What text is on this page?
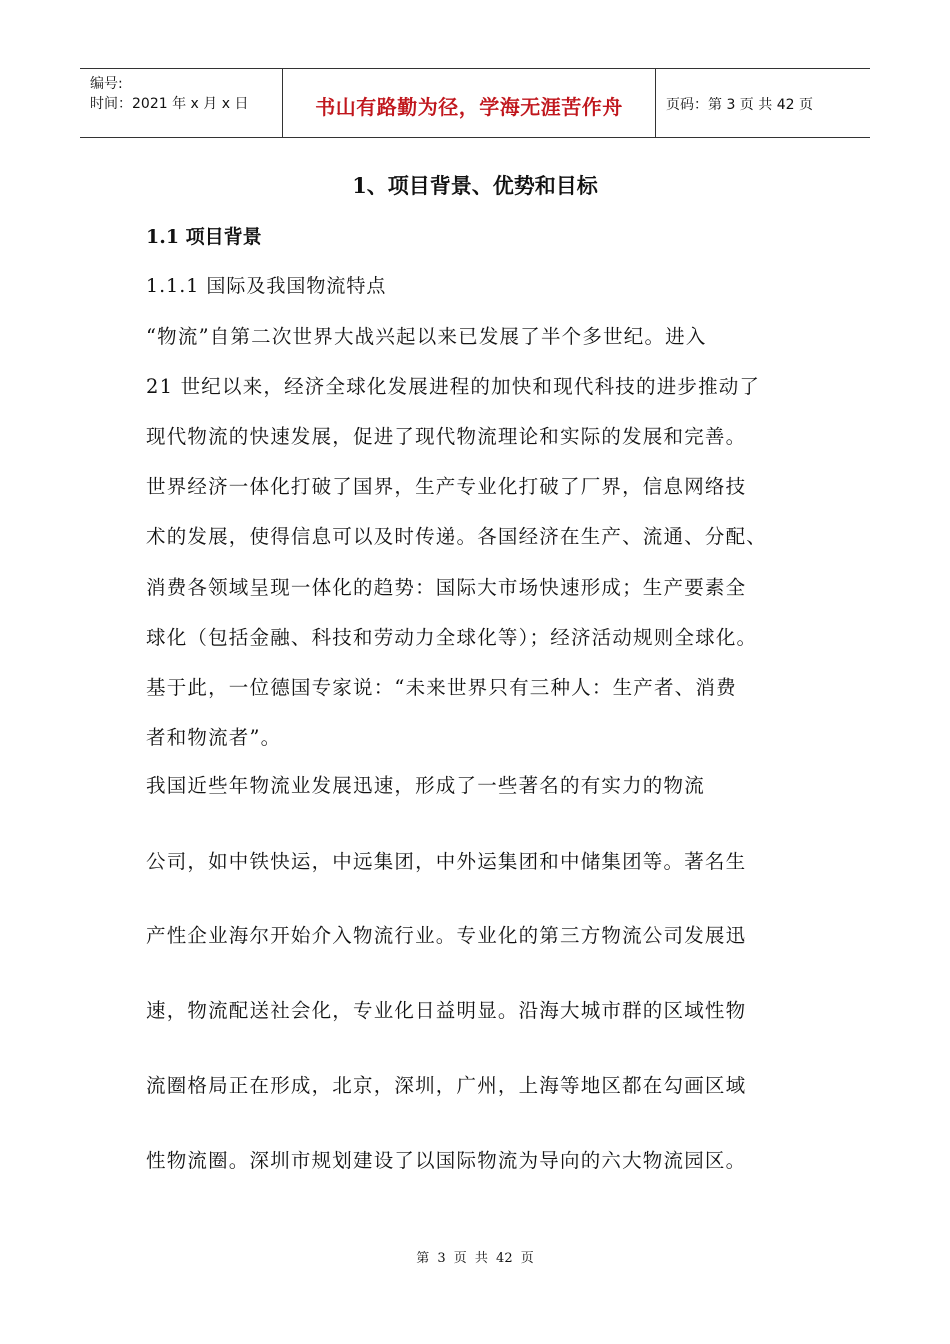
编号:
时间：2021 年 x 月 x 日	书山有路勤为径，学海无涯苦作舟	页码：第 3 页 共 42 页
1、项目背景、优势和目标
1.1 项目背景
1.1.1 国际及我国物流特点
“物流”自第二次世界大战兴起以来已发展了半个多世纪。进入
21 世纪以来，经济全球化发展进程的加快和现代科技的进步推动了
现代物流的快速发展，促进了现代物流理论和实际的发展和完善。
世界经济一体化打破了国界，生产专业化打破了厂界，信息网络技
术的发展，使得信息可以及时传递。各国经济在生产、流通、分配、
消费各领域呈现一体化的趋势：国际大市场快速形成；生产要素全
球化（包括金融、科技和劳动力全球化等）；经济活动规则全球化。
基于此，一位德国专家说：“未来世界只有三种人：生产者、消费
者和物流者”。
我国近些年物流业发展迅速，形成了一些著名的有实力的物流
公司，如中铁快运，中远集团，中外运集团和中储集团等。著名生
产性企业海尔开始介入物流行业。专业化的第三方物流公司发展迅
速，物流配送社会化，专业化日益明显。沿海大城市群的区域性物
流圈格局正在形成，北京，深圳，广州，上海等地区都在勾画区域
性物流圈。深圳市规划建设了以国际物流为导向的六大物流园区。
第 3 页 共 42 页
